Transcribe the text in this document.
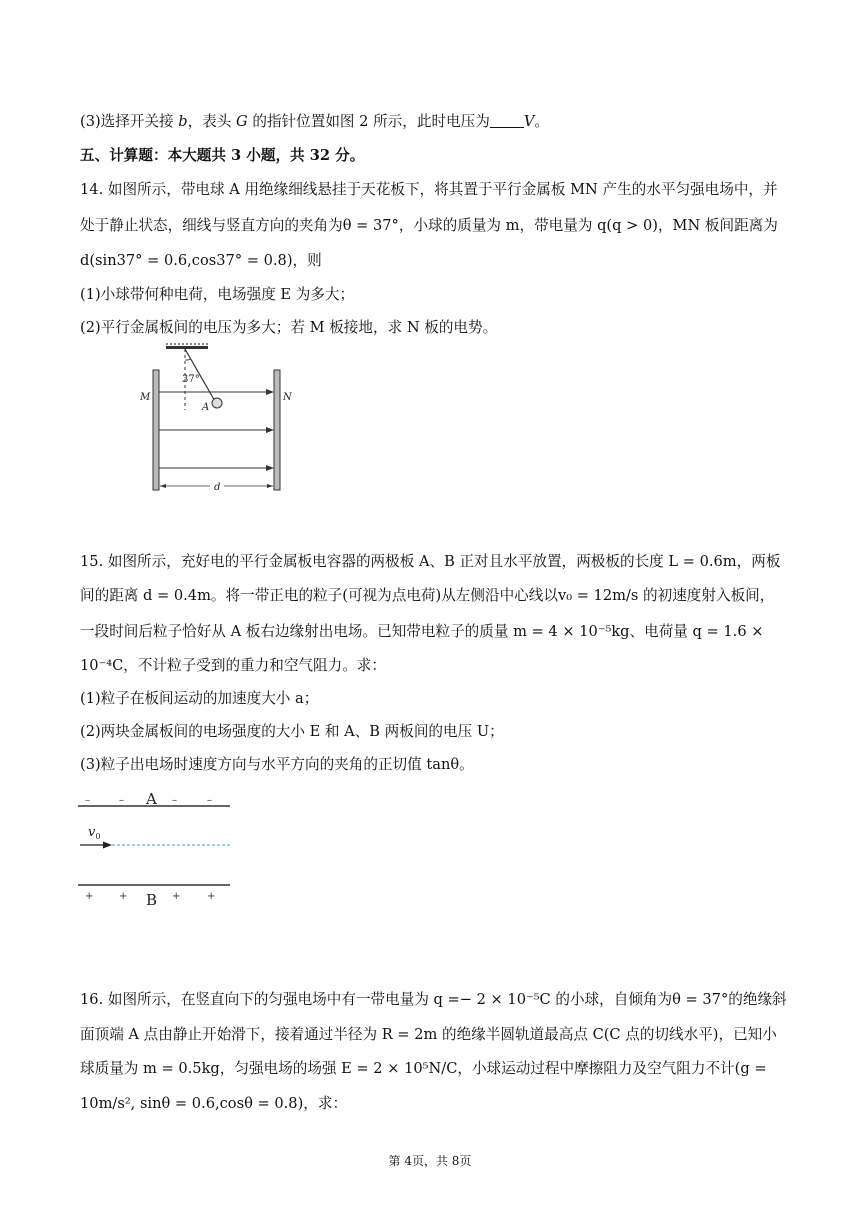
(3)选择开关接 b，表头 G 的指针位置如图 2 所示，此时电压为 V。
五、计算题：本大题共 3 小题，共 32 分。
14. 如图所示，带电球 A 用绝缘细线悬挂于天花板下，将其置于平行金属板 MN 产生的水平匀强电场中，并
处于静止状态，细线与竖直方向的夹角为θ = 37°，小球的质量为 m，带电量为 q(q > 0)，MN 板间距离为
d(sin37° = 0.6,cos37° = 0.8)，则
(1)小球带何种电荷，电场强度 E 为多大；
(2)平行金属板间的电压为多大；若 M 板接地，求 N 板的电势。
37°
A
M	N
d
15. 如图所示，充好电的平行金属板电容器的两极板 A、B 正对且水平放置，两极板的长度 L = 0.6m，两板
间的距离 d = 0.4m。将一带正电的粒子(可视为点电荷)从左侧沿中心线以v₀ = 12m/s 的初速度射入板间，
一段时间后粒子恰好从 A 板右边缘射出电场。已知带电粒子的质量 m = 4 × 10⁻⁵kg、电荷量 q = 1.6 ×
10⁻⁴C，不计粒子受到的重力和空气阻力。求：
(1)粒子在板间运动的加速度大小 a；
(2)两块金属板间的电场强度的大小 E 和 A、B 两板间的电压 U；
(3)粒子出电场时速度方向与水平方向的夹角的正切值 tanθ。
–	–	–	–
A
$v_0$
+	+ B +	+
16. 如图所示，在竖直向下的匀强电场中有一带电量为 q =− 2 × 10⁻⁵C 的小球，自倾角为θ = 37°的绝缘斜
面顶端 A 点由静止开始滑下，接着通过半径为 R = 2m 的绝缘半圆轨道最高点 C(C 点的切线水平)，已知小
球质量为 m = 0.5kg，匀强电场的场强 E = 2 × 10⁵N/C，小球运动过程中摩擦阻力及空气阻力不计(g =
10m/s², sinθ = 0.6,cosθ = 0.8)，求：
第 4页，共 8页
